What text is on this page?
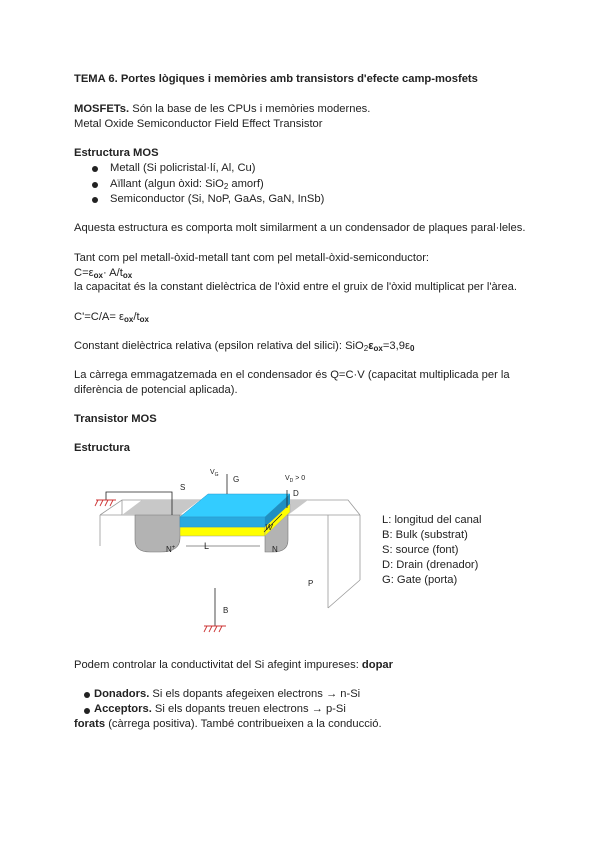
TEMA 6. Portes lògiques i memòries amb transistors d'efecte camp-mosfets
MOSFETs. Són la base de les CPUs i memòries modernes.
Metal Oxide Semiconductor Field Effect Transistor
Estructura MOS
Metall (Si policristal·lí, Al, Cu)
Aïllant (algun òxid: SiO$_2$ amorf)
Semiconductor (Si, NoP, GaAs, GaN, InSb)
Aquesta estructura es comporta molt similarment a un condensador de plaques paral·leles.
Tant com pel metall-òxid-metall tant com pel metall-òxid-semiconductor:
$C=\varepsilon_{ox}\cdot A/t_{ox}$
la capacitat és la constant dielèctrica de l'òxid entre el gruix de l'òxid multiplicat per l'àrea.
$C'=C/A= \varepsilon_{ox}/t_{ox}$
Constant dielèctrica relativa (epsilon relativa del silici): $SiO_2\varepsilon_{ox}=3,9\varepsilon_0$
La càrrega emmagatzemada en el condensador és Q=C·V (capacitat multiplicada per la
diferència de potencial aplicada).
Transistor MOS
Estructura
W
L
N+	N
P
S
$V_G$ G	$V_D > 0$
D
B
L: longitud del canal
B: Bulk (substrat)
S: source (font)
D: Drain (drenador)
G: Gate (porta)
Podem controlar la conductivitat del Si afegint impureses: dopar
Donadors. Si els dopants afegeixen electrons → n-Si
Acceptors. Si els dopants treuen electrons → p-Si
forats (càrrega positiva). També contribueixen a la conducció.
